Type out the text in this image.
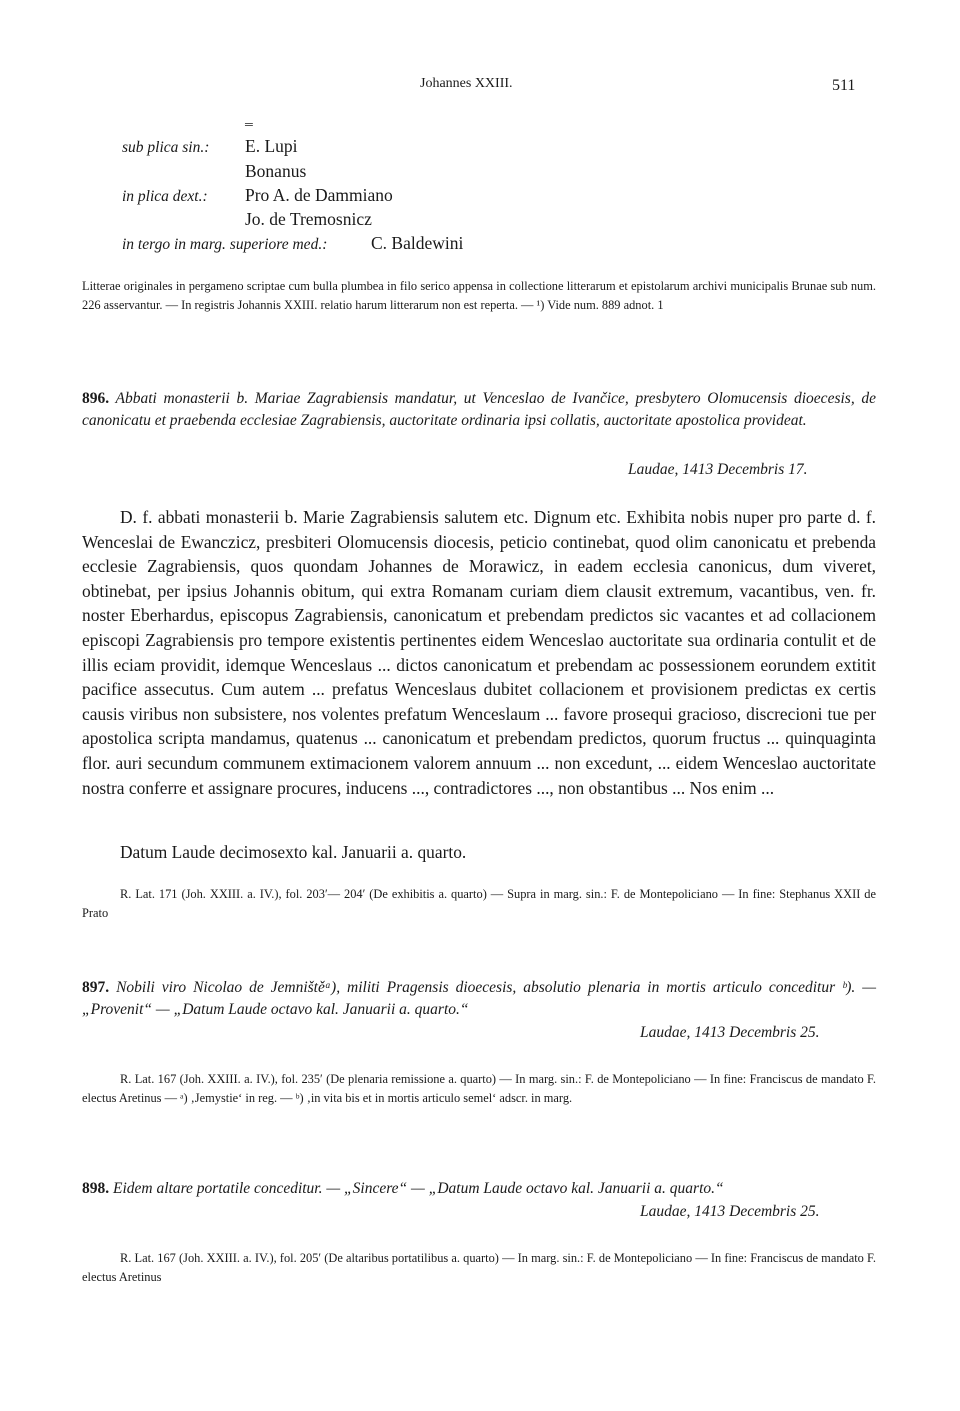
Johannes XXIII.	511
sub plica sin.:
═
E. Lupi
Bonanus
in plica dext.: Pro A. de Dammiano
Jo. de Tremosnicz
in tergo in marg. superiore med.: C. Baldewini
Litterae originales in pergameno scriptae cum bulla plumbea in filo serico appensa in collectione litterarum et epistolarum archivi municipalis Brunae sub num. 226 asservantur. — In registris Johannis XXIII. relatio harum litterarum non est reperta. — ¹) Vide num. 889 adnot. 1
896. Abbati monasterii b. Mariae Zagrabiensis mandatur, ut Venceslao de Ivančice, presbytero Olomucensis dioecesis, de canonicatu et praebenda ecclesiae Zagrabiensis, auctoritate ordinaria ipsi collatis, auctoritate apostolica provideat.
Laudae, 1413 Decembris 17.
D. f. abbati monasterii b. Marie Zagrabiensis salutem etc. Dignum etc. Exhibita nobis nuper pro parte d. f. Wenceslai de Ewanczicz, presbiteri Olomucensis diocesis, peticio continebat, quod olim canonicatu et prebenda ecclesie Zagrabiensis, quos quondam Johannes de Morawicz, in eadem ecclesia canonicus, dum viveret, obtinebat, per ipsius Johannis obitum, qui extra Romanam curiam diem clausit extremum, vacantibus, ven. fr. noster Eberhardus, episcopus Zagrabiensis, canonicatum et prebendam predictos sic vacantes et ad collacionem episcopi Zagrabiensis pro tempore existentis pertinentes eidem Wenceslao auctoritate sua ordinaria contulit et de illis eciam providit, idemque Wenceslaus ... dictos canonicatum et prebendam ac possessionem eorundem extitit pacifice assecutus. Cum autem ... prefatus Wenceslaus dubitet collacionem et provisionem predictas ex certis causis viribus non subsistere, nos volentes prefatum Wenceslaum ... favore prosequi gracioso, discrecioni tue per apostolica scripta mandamus, quatenus ... canonicatum et prebendam predictos, quorum fructus ... quinquaginta flor. auri secundum communem extimacionem valorem annuum ... non excedunt, ... eidem Wenceslao auctoritate nostra conferre et assignare procures, inducens ..., contradictores ..., non obstantibus ... Nos enim ...
Datum Laude decimosexto kal. Januarii a. quarto.
R. Lat. 171 (Joh. XXIII. a. IV.), fol. 203′— 204′ (De exhibitis a. quarto) — Supra in marg. sin.: F. de Montepoliciano — In fine: Stephanus XXII de Prato
897. Nobili viro Nicolao de Jemništěᵃ), militi Pragensis dioecesis, absolutio plenaria in mortis articulo conceditur ᵇ). — „Provenit“ — „Datum Laude octavo kal. Januarii a. quarto.“
Laudae, 1413 Decembris 25.
R. Lat. 167 (Joh. XXIII. a. IV.), fol. 235′ (De plenaria remissione a. quarto) — In marg. sin.: F. de Montepoliciano — In fine: Franciscus de mandato F. electus Aretinus — ᵃ) ‚Jemystie‘ in reg. — ᵇ) ‚in vita bis et in mortis articulo semel‘ adscr. in marg.
898. Eidem altare portatile conceditur. — „Sincere“ — „Datum Laude octavo kal. Januarii a. quarto.“
Laudae, 1413 Decembris 25.
R. Lat. 167 (Joh. XXIII. a. IV.), fol. 205′ (De altaribus portatilibus a. quarto) — In marg. sin.: F. de Montepoliciano — In fine: Franciscus de mandato F. electus Aretinus
